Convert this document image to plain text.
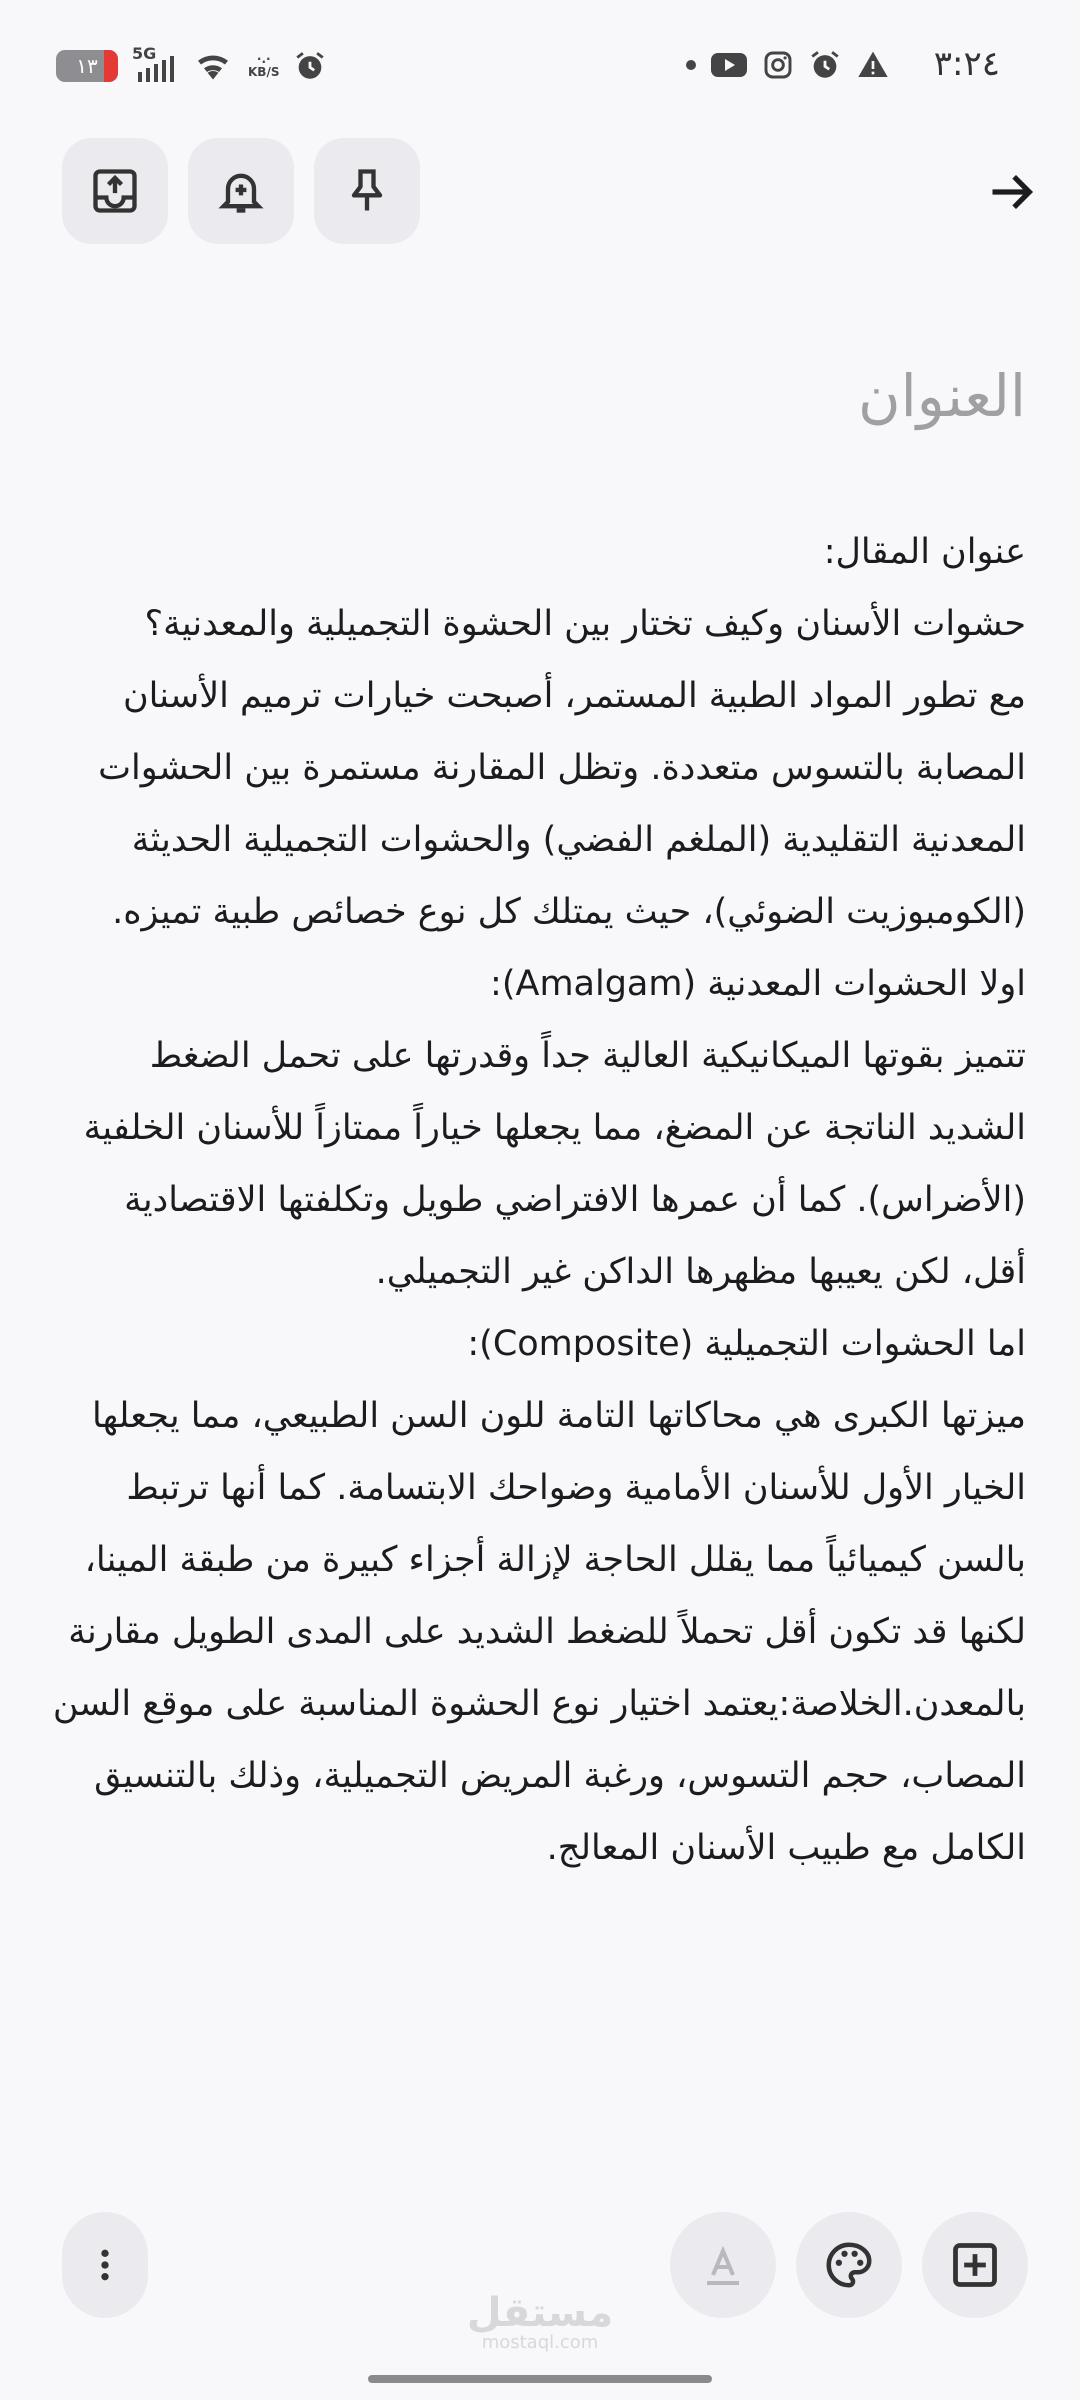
١٣
5G	·.·
KB/S	٣:٢٤
العنوان

عنوان المقال:

حشوات الأسنان وكيف تختار بين الحشوة التجميلية والمعدنية؟

مع تطور المواد الطبية المستمر، أصبحت خيارات ترميم الأسنان المصابة بالتسوس متعددة. وتظل المقارنة مستمرة بين الحشوات المعدنية التقليدية (الملغم الفضي) والحشوات التجميلية الحديثة (الكومبوزيت الضوئي)، حيث يمتلك كل نوع خصائص طبية تميزه.

اولا الحشوات المعدنية (Amalgam):

تتميز بقوتها الميكانيكية العالية جداً وقدرتها على تحمل الضغط الشديد الناتجة عن المضغ، مما يجعلها خياراً ممتازاً للأسنان الخلفية (الأضراس). كما أن عمرها الافتراضي طويل وتكلفتها الاقتصادية أقل، لكن يعيبها مظهرها الداكن غير التجميلي.

اما الحشوات التجميلية (Composite):

ميزتها الكبرى هي محاكاتها التامة للون السن الطبيعي، مما يجعلها الخيار الأول للأسنان الأمامية وضواحك الابتسامة. كما أنها ترتبط بالسن كيميائياً مما يقلل الحاجة لإزالة أجزاء كبيرة من طبقة المينا، لكنها قد تكون أقل تحملاً للضغط الشديد على المدى الطويل مقارنة بالمعدن.الخلاصة:يعتمد اختيار نوع الحشوة المناسبة على موقع السن المصاب، حجم التسوس، ورغبة المريض التجميلية، وذلك بالتنسيق الكامل مع طبيب الأسنان المعالج.

مستقل
mostaql.com
